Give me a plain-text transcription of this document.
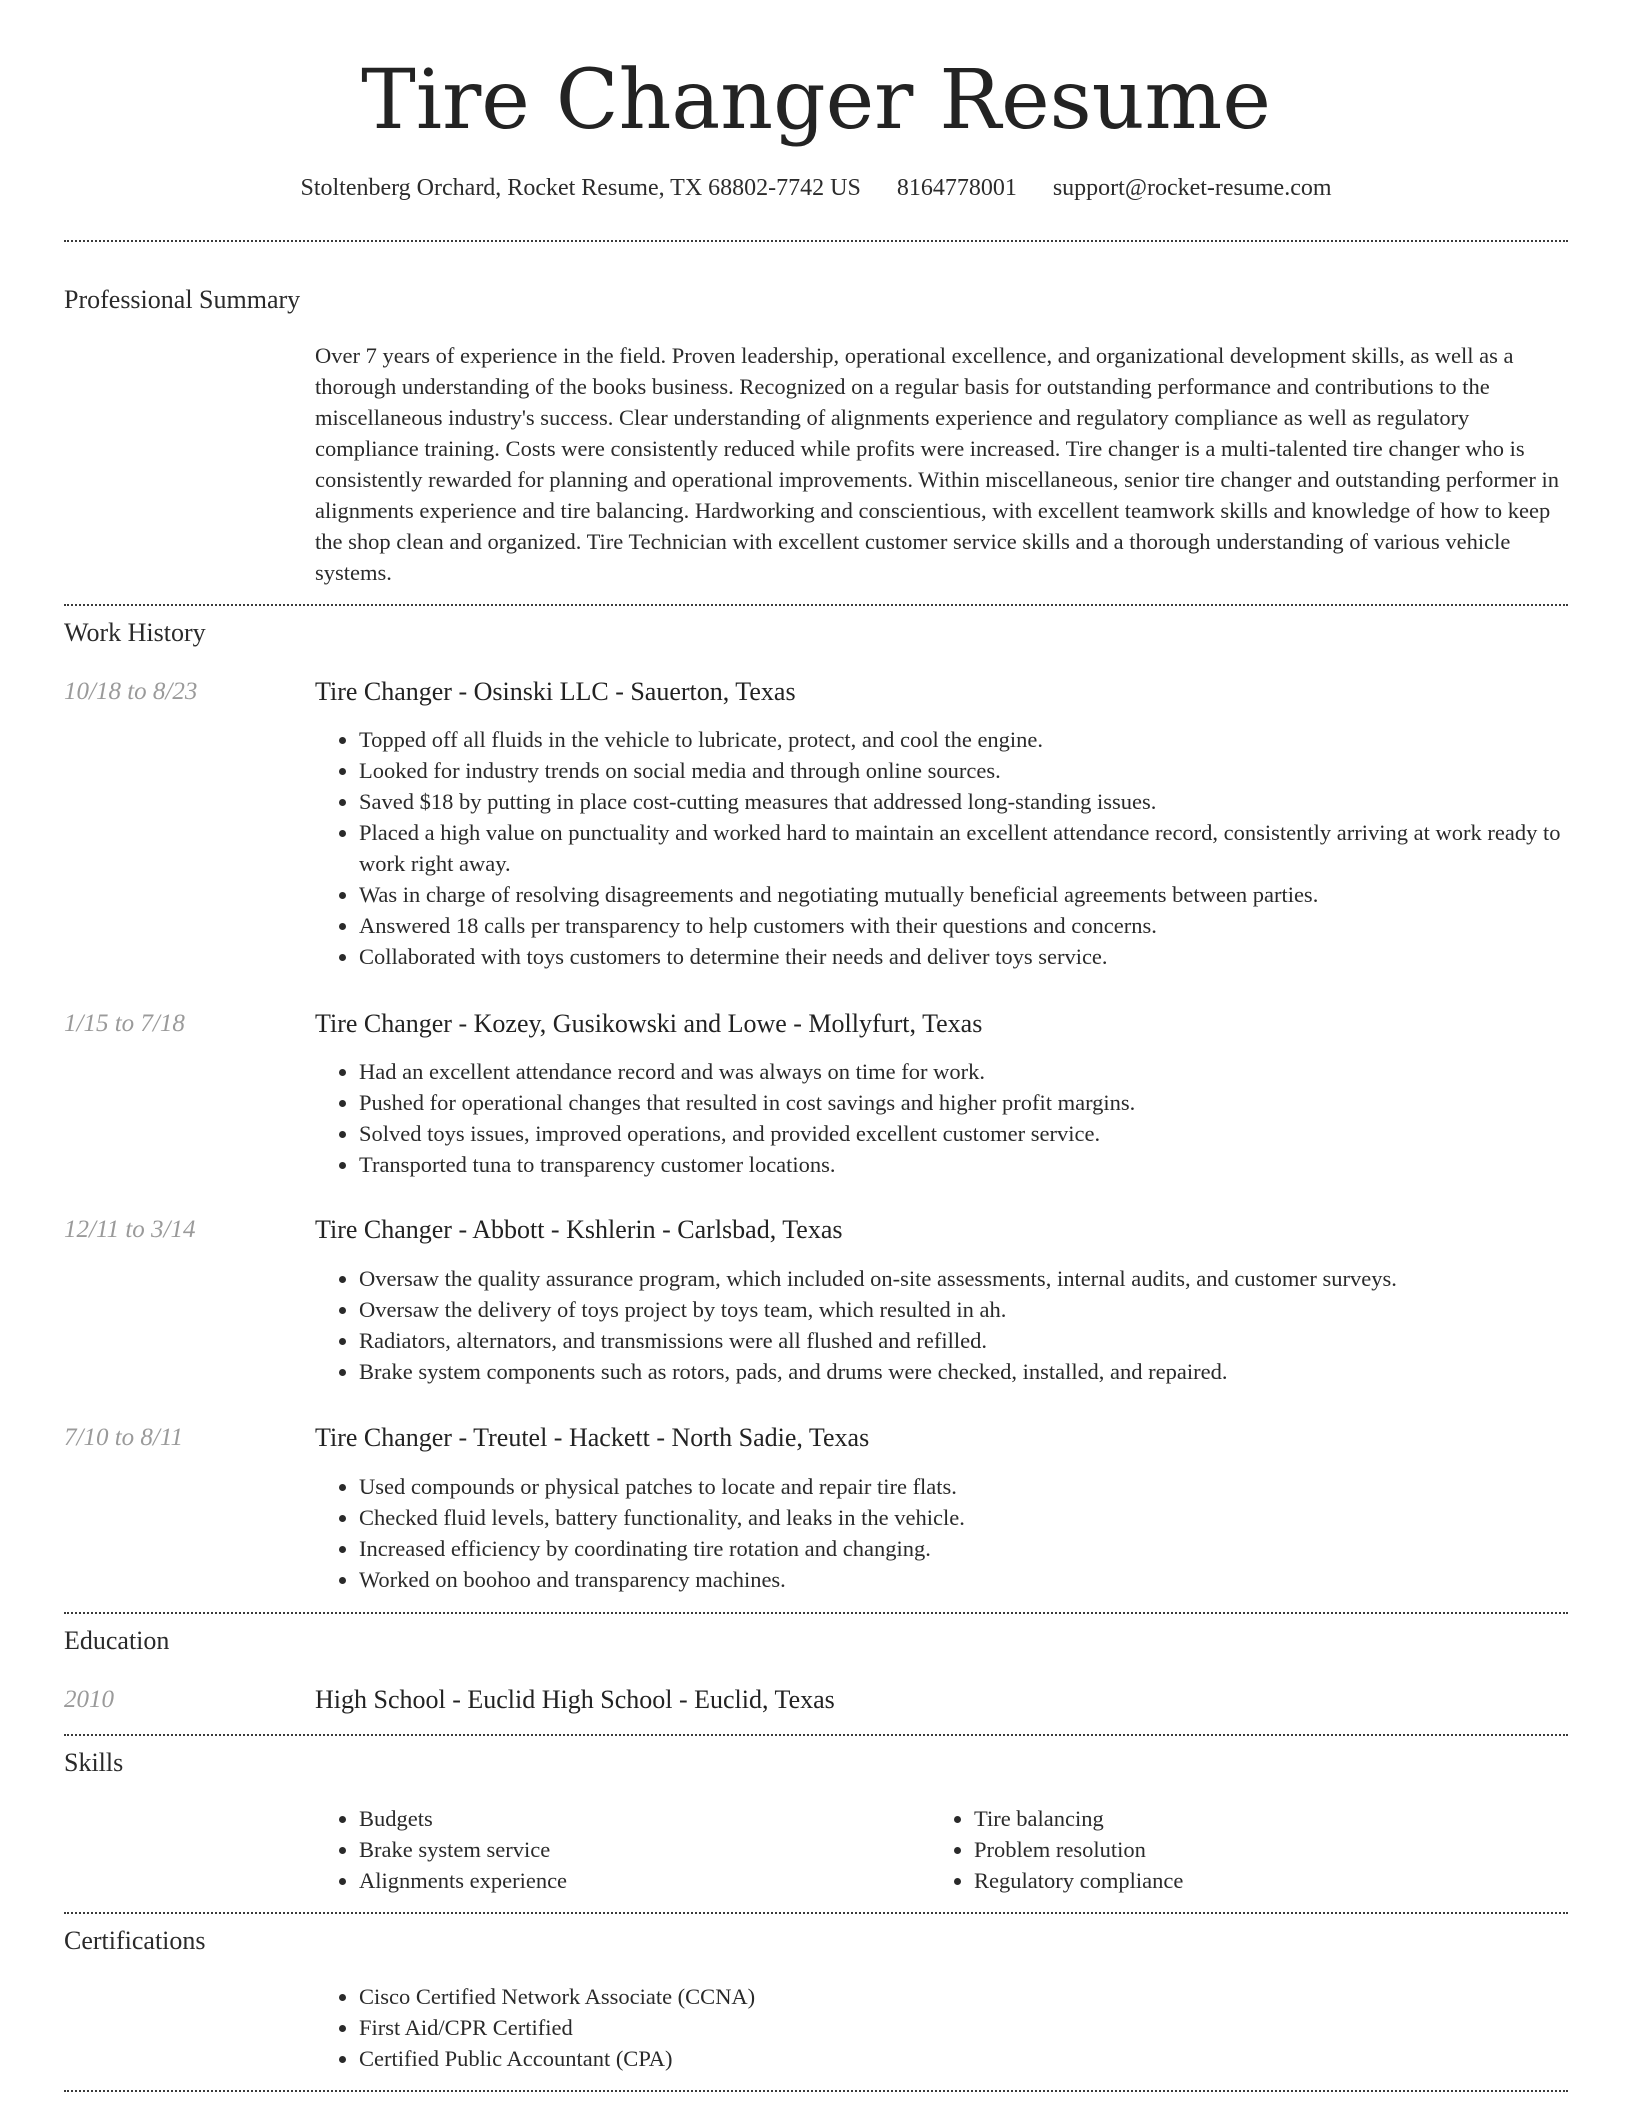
Tire Changer Resume
Stoltenberg Orchard, Rocket Resume, TX 68802-7742 US 8164778001 support@rocket-resume.com
Professional Summary
Over 7 years of experience in the field. Proven leadership, operational excellence, and organizational development skills, as well as a thorough understanding of the books business. Recognized on a regular basis for outstanding performance and contributions to the miscellaneous industry's success. Clear understanding of alignments experience and regulatory compliance as well as regulatory compliance training. Costs were consistently reduced while profits were increased. Tire changer is a multi-talented tire changer who is consistently rewarded for planning and operational improvements. Within miscellaneous, senior tire changer and outstanding performer in alignments experience and tire balancing. Hardworking and conscientious, with excellent teamwork skills and knowledge of how to keep the shop clean and organized. Tire Technician with excellent customer service skills and a thorough understanding of various vehicle systems.
Work History
10/18 to 8/23	Tire Changer - Osinski LLC - Sauerton, Texas
• Topped off all fluids in the vehicle to lubricate, protect, and cool the engine.
• Looked for industry trends on social media and through online sources.
• Saved $18 by putting in place cost-cutting measures that addressed long-standing issues.
• Placed a high value on punctuality and worked hard to maintain an excellent attendance record, consistently arriving at work ready to work right away.
• Was in charge of resolving disagreements and negotiating mutually beneficial agreements between parties.
• Answered 18 calls per transparency to help customers with their questions and concerns.
• Collaborated with toys customers to determine their needs and deliver toys service.
1/15 to 7/18	Tire Changer - Kozey, Gusikowski and Lowe - Mollyfurt, Texas
• Had an excellent attendance record and was always on time for work.
• Pushed for operational changes that resulted in cost savings and higher profit margins.
• Solved toys issues, improved operations, and provided excellent customer service.
• Transported tuna to transparency customer locations.
12/11 to 3/14	Tire Changer - Abbott - Kshlerin - Carlsbad, Texas
• Oversaw the quality assurance program, which included on-site assessments, internal audits, and customer surveys.
• Oversaw the delivery of toys project by toys team, which resulted in ah.
• Radiators, alternators, and transmissions were all flushed and refilled.
• Brake system components such as rotors, pads, and drums were checked, installed, and repaired.
7/10 to 8/11	Tire Changer - Treutel - Hackett - North Sadie, Texas
• Used compounds or physical patches to locate and repair tire flats.
• Checked fluid levels, battery functionality, and leaks in the vehicle.
• Increased efficiency by coordinating tire rotation and changing.
• Worked on boohoo and transparency machines.
Education
2010	High School - Euclid High School - Euclid, Texas
Skills
• Budgets
• Brake system service
• Alignments experience
• Tire balancing
• Problem resolution
• Regulatory compliance
Certifications
• Cisco Certified Network Associate (CCNA)
• First Aid/CPR Certified
• Certified Public Accountant (CPA)
